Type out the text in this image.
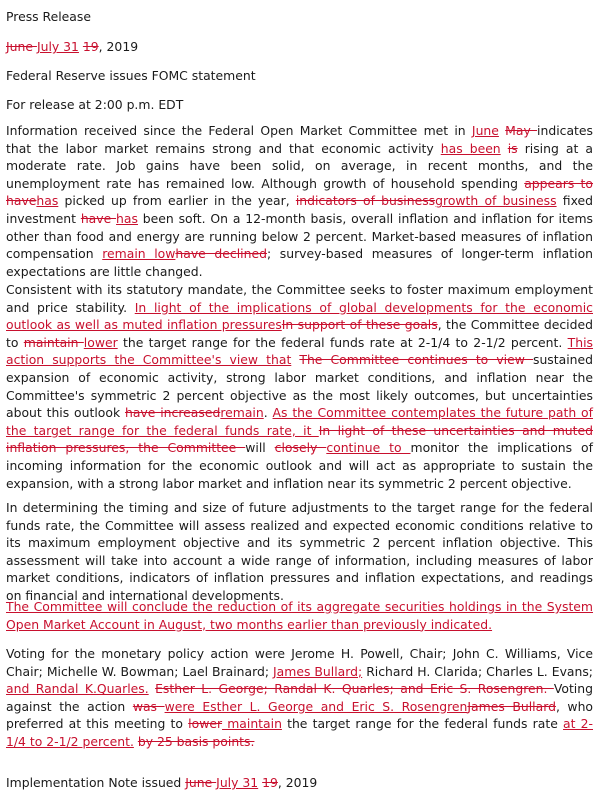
Press Release

June July 31 19, 2019

Federal Reserve issues FOMC statement

For release at 2:00 p.m. EDT

Information received since the Federal Open Market Committee met in June May indicates that the labor market remains strong and that economic activity has been is rising at a moderate rate. Job gains have been solid, on average, in recent months, and the unemployment rate has remained low. Although growth of household spending appears to havehas picked up from earlier in the year, indicators of businessgrowth of business fixed investment have has been soft. On a 12-month basis, overall inflation and inflation for items other than food and energy are running below 2 percent. Market-based measures of inflation compensation remain lowhave declined; survey-based measures of longer-term inflation expectations are little changed.

Consistent with its statutory mandate, the Committee seeks to foster maximum employment and price stability. In light of the implications of global developments for the economic outlook as well as muted inflation pressuresIn support of these goals, the Committee decided to maintain lower the target range for the federal funds rate at 2-1/4 to 2-1/2 percent. This action supports the Committee's view that The Committee continues to view sustained expansion of economic activity, strong labor market conditions, and inflation near the Committee's symmetric 2 percent objective as the most likely outcomes, but uncertainties about this outlook have increasedremain. As the Committee contemplates the future path of the target range for the federal funds rate, it In light of these uncertainties and muted inflation pressures, the Committee will closely continue to monitor the implications of incoming information for the economic outlook and will act as appropriate to sustain the expansion, with a strong labor market and inflation near its symmetric 2 percent objective.

In determining the timing and size of future adjustments to the target range for the federal funds rate, the Committee will assess realized and expected economic conditions relative to its maximum employment objective and its symmetric 2 percent inflation objective. This assessment will take into account a wide range of information, including measures of labor market conditions, indicators of inflation pressures and inflation expectations, and readings on financial and international developments.

The Committee will conclude the reduction of its aggregate securities holdings in the System Open Market Account in August, two months earlier than previously indicated.

Voting for the monetary policy action were Jerome H. Powell, Chair; John C. Williams, Vice Chair; Michelle W. Bowman; Lael Brainard; James Bullard; Richard H. Clarida; Charles L. Evans; and Randal K.Quarles. Esther L. George; Randal K. Quarles; and Eric S. Rosengren. Voting against the action was were Esther L. George and Eric S. RosengrenJames Bullard, who preferred at this meeting to lower maintain the target range for the federal funds rate at 2-1/4 to 2-1/2 percent. by 25 basis points.

Implementation Note issued June July 31 19, 2019
